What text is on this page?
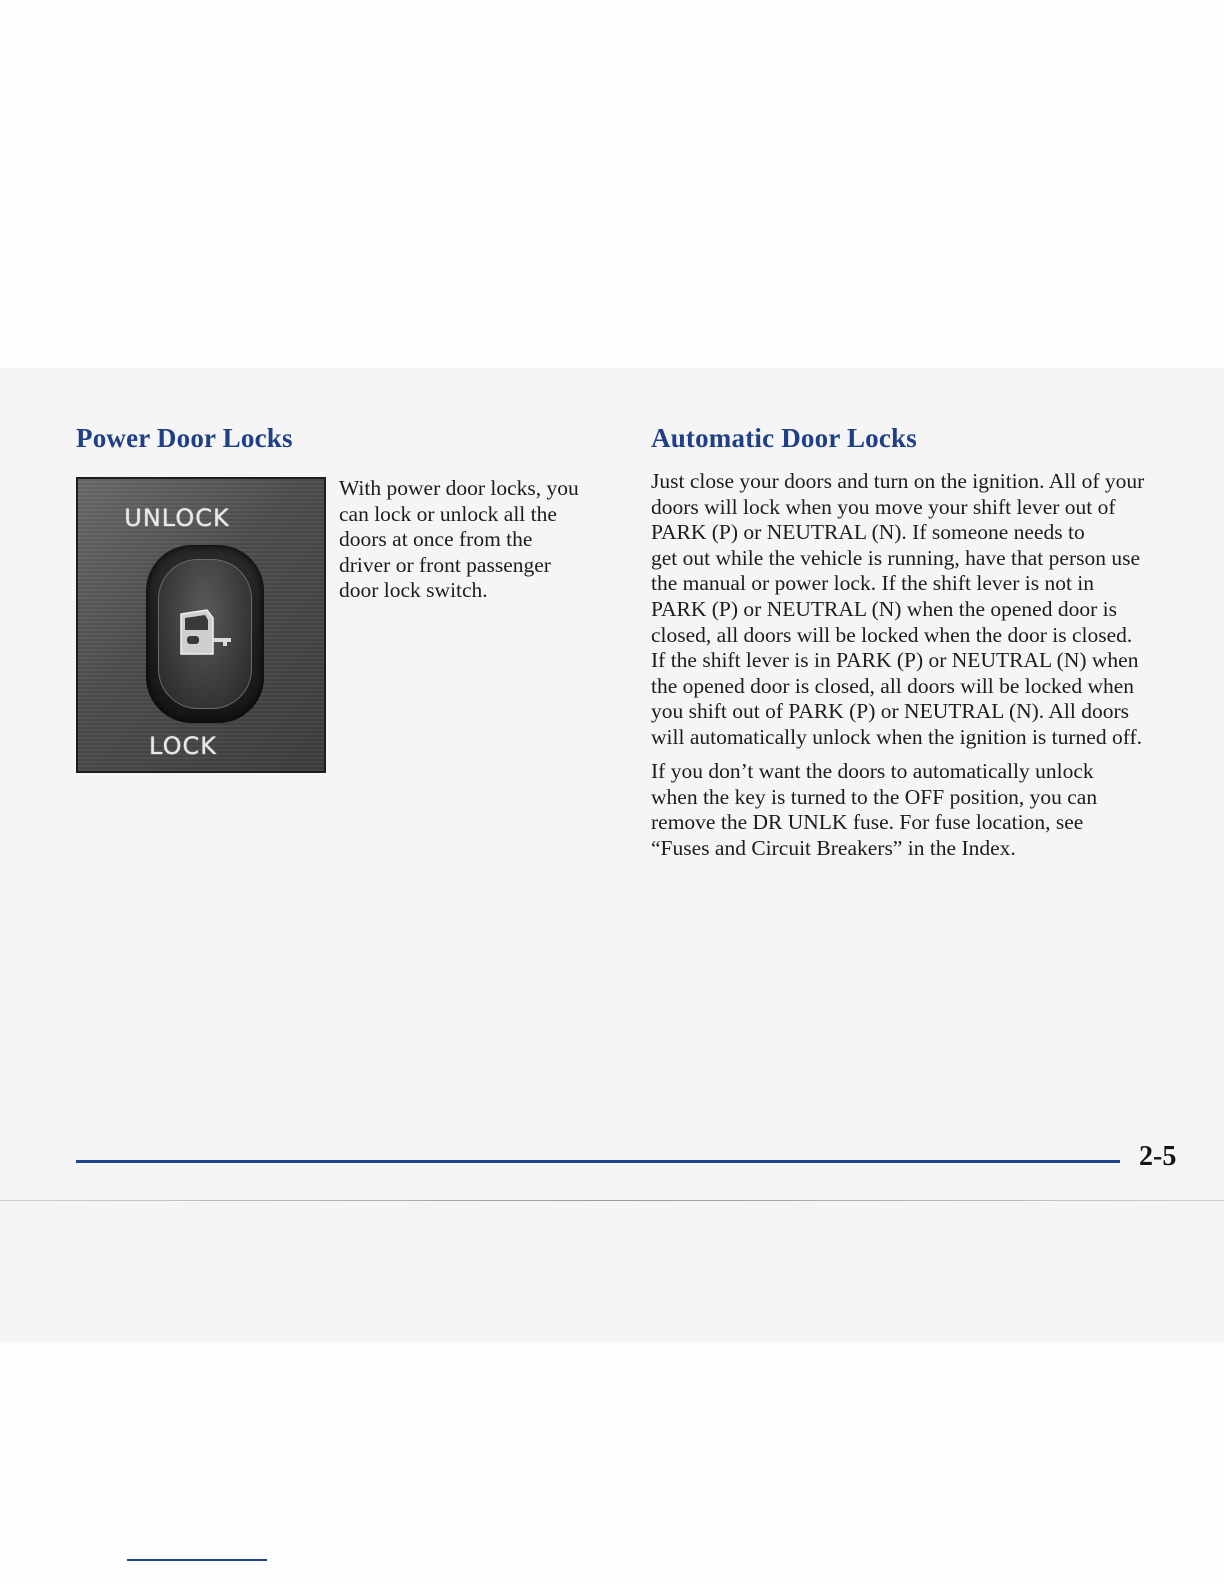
Power Door Locks	Automatic Door Locks
UNLOCK
LOCK

With power door locks, you
can lock or unlock all the
doors at once from the
driver or front passenger
door lock switch.

Just close your doors and turn on the ignition. All of your
doors will lock when you move your shift lever out of
PARK (P) or NEUTRAL (N). If someone needs to
get out while the vehicle is running, have that person use
the manual or power lock. If the shift lever is not in
PARK (P) or NEUTRAL (N) when the opened door is
closed, all doors will be locked when the door is closed.
If the shift lever is in PARK (P) or NEUTRAL (N) when
the opened door is closed, all doors will be locked when
you shift out of PARK (P) or NEUTRAL (N). All doors
will automatically unlock when the ignition is turned off.

If you don’t want the doors to automatically unlock
when the key is turned to the OFF position, you can
remove the DR UNLK fuse. For fuse location, see
“Fuses and Circuit Breakers” in the Index.

2-5
